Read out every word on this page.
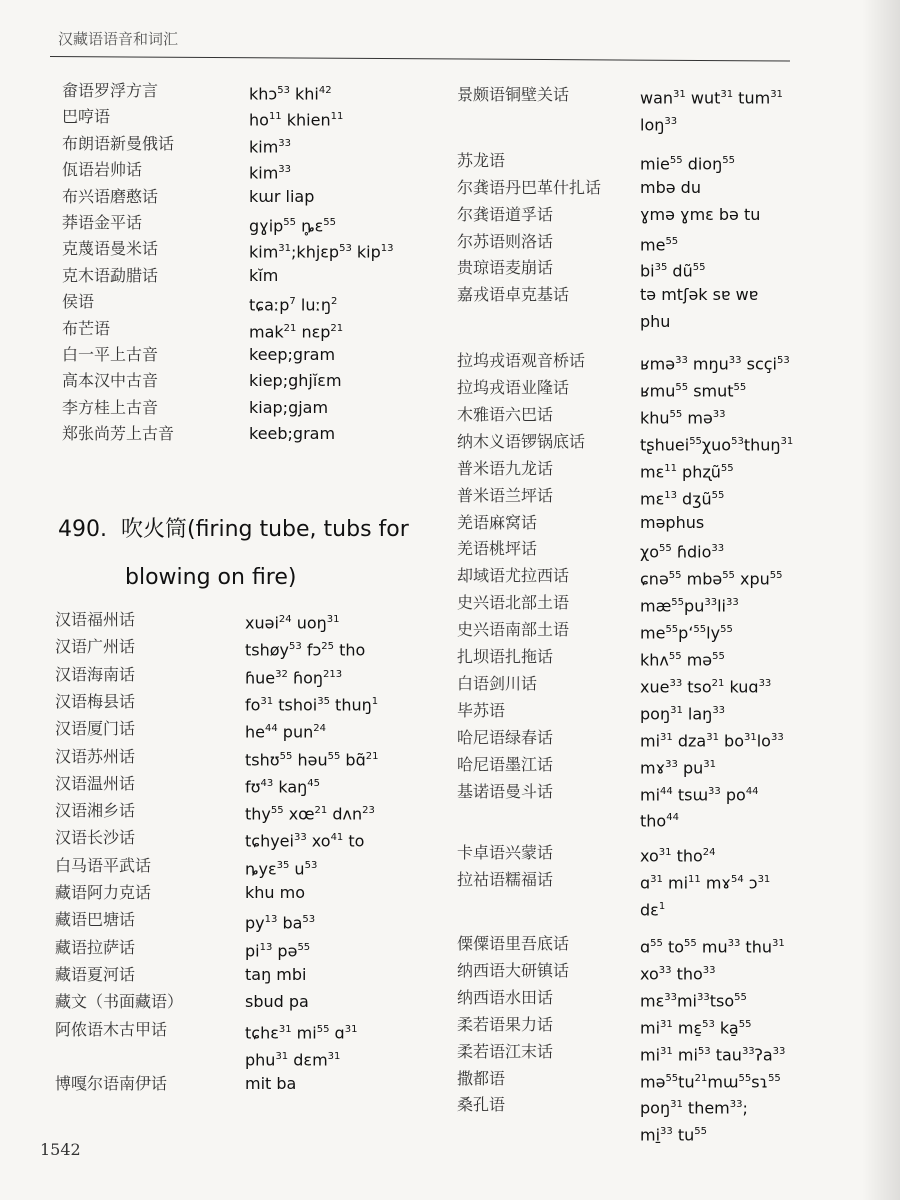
汉藏语语音和词汇
畲语罗浮方言	khɔ$^{53}$ khi$^{42}$
巴哼语	$ho^{11}$ khien$^{11}$
布朗语新曼俄话	kim$^{33}$
佤语岩帅话	kim$^{33}$
布兴语磨憨话	kɯr liap
莽语金平话	gɣip$^{55}$ ȵ̥ɛ$^{55}$
克蔑语曼米话	kim$^{31}$;khjɛp$^{53}$ kip$^{13}$
克木语勐腊话	kĭm
侯语	tɕaːp$^7$ luːŋ$^2$
布芒语	mak$^{21}$ nɛp$^{21}$
白一平上古音	keep;gram
高本汉中古音	kiep;ghjĭɛm
李方桂上古音	kiap;gjam
郑张尚芳上古音	keeb;gram
490. 吹火筒(firing tube, tubs for
blowing on fire)
汉语福州话	xuəi$^{24}$ uoŋ$^{31}$
汉语广州话	tshøy$^{53}$ fɔ$^{25}$ tho
汉语海南话	ɦue$^{32}$ ɦoŋ$^{213}$
汉语梅县话	$fo^{31}$ tshoi$^{35}$ thuŋ$^1$
汉语厦门话	$he^{44}$ pun$^{24}$
汉语苏州话	tshʊ$^{55}$ həu$^{55}$ bɑ̃$^{21}$
汉语温州话	fʊ$^{43}$ kaŋ$^{45}$
汉语湘乡话	thy$^{55}$ $xœ^{21}$ dʌn$^{23}$
汉语长沙话	tɕhyei$^{33}$ $xo^{41}$ to
白马语平武话	ȵyɛ$^{35}$ $u^{53}$
藏语阿力克话	khu mo
藏语巴塘话	$py^{13}$ $ba^{53}$
藏语拉萨话	$pi^{13}$ pə$^{55}$
藏语夏河话	taŋ mbi
藏文（书面藏语）	sbud pa
阿侬语木古甲话	tɕhɛ$^{31}$ $mi^{55}$ ɑ$^{31}$
phu$^{31}$ dɛm$^{31}$
博嘎尔语南伊话	mit ba
景颇语铜壁关话	wan$^{31}$ wut$^{31}$ tum$^{31}$
loŋ$^{33}$
苏龙语	mie$^{55}$ dioŋ$^{55}$
尔龚语丹巴革什扎话 mbə du
尔龚语道孚话	ɣmə ɣmɛ bə tu
尔苏语则洛话	$me^{55}$
贵琼语麦崩话	$bi^{35}$ $dũ^{55}$
嘉戎语卓克基话	tə mtʃək sɐ wɐ
phu
拉坞戎语观音桥话	ʁmə$^{33}$ mŋu$^{33}$ scçi$^{53}$
拉坞戎语业隆话	ʁmu$^{55}$ smut$^{55}$
木雅语六巴话	khu$^{55}$ mə$^{33}$
纳木义语锣锅底话	tʂhuei$^{55}$χuo$^{53}$thuŋ$^{31}$
普米语九龙话	mɛ$^{11}$ phʐũ$^{55}$
普米语兰坪话	mɛ$^{13}$ dʒũ$^{55}$
羌语麻窝话	məphus
羌语桃坪话	$\chi o^{55}$ ɦdio$^{33}$
却域语尤拉西话	ɕnə$^{55}$ mbə$^{55}$ xpu$^{55}$
史兴语北部土语	$mæ^{55}pu^{33}li^{33}$
史兴语南部土语	$me^{55}pʻ^{55}ly^{55}$
扎坝语扎拖话	khʌ$^{55}$ mə$^{55}$
白语剑川话	xue$^{33}$ tso$^{21}$ kuɑ$^{33}$
毕苏语	poŋ$^{31}$ laŋ$^{33}$
哈尼语绿春话	$mi^{31}$ dza$^{31}$ $bo^{31}lo^{33}$
哈尼语墨江话	mɤ$^{33}$ $pu^{31}$
基诺语曼斗话	$mi^{44}$ tsɯ$^{33}$ $po^{44}$
tho$^{44}$
卡卓语兴蒙话	$xo^{31}$ tho$^{24}$
拉祜语糯福话	ɑ$^{31}$ $mi^{11}$ mɤ$^{54}$ ɔ$^{31}$
dɛ$^1$
傈僳语里吾底话	ɑ$^{55}$ $to^{55}$ $mu^{33}$ thu$^{31}$
纳西语大研镇话	$xo^{33}$ tho$^{33}$
纳西语水田话	$mɛ^{33}mi^{33}tso^{55}$
柔若语果力话	$mi^{31}$ mɛ̱$^{53}$ ka̱$^{55}$
柔若语江末话	$mi^{31}$ $mi^{53}$ tau$^{33}$ʔa$^{33}$
撒都语	$mə^{55}tu^{21}mɯ^{55}sɿ^{55}$
桑孔语	poŋ$^{31}$ them$^{33}$;
mi̱$^{33}$ $tu^{55}$
1542
